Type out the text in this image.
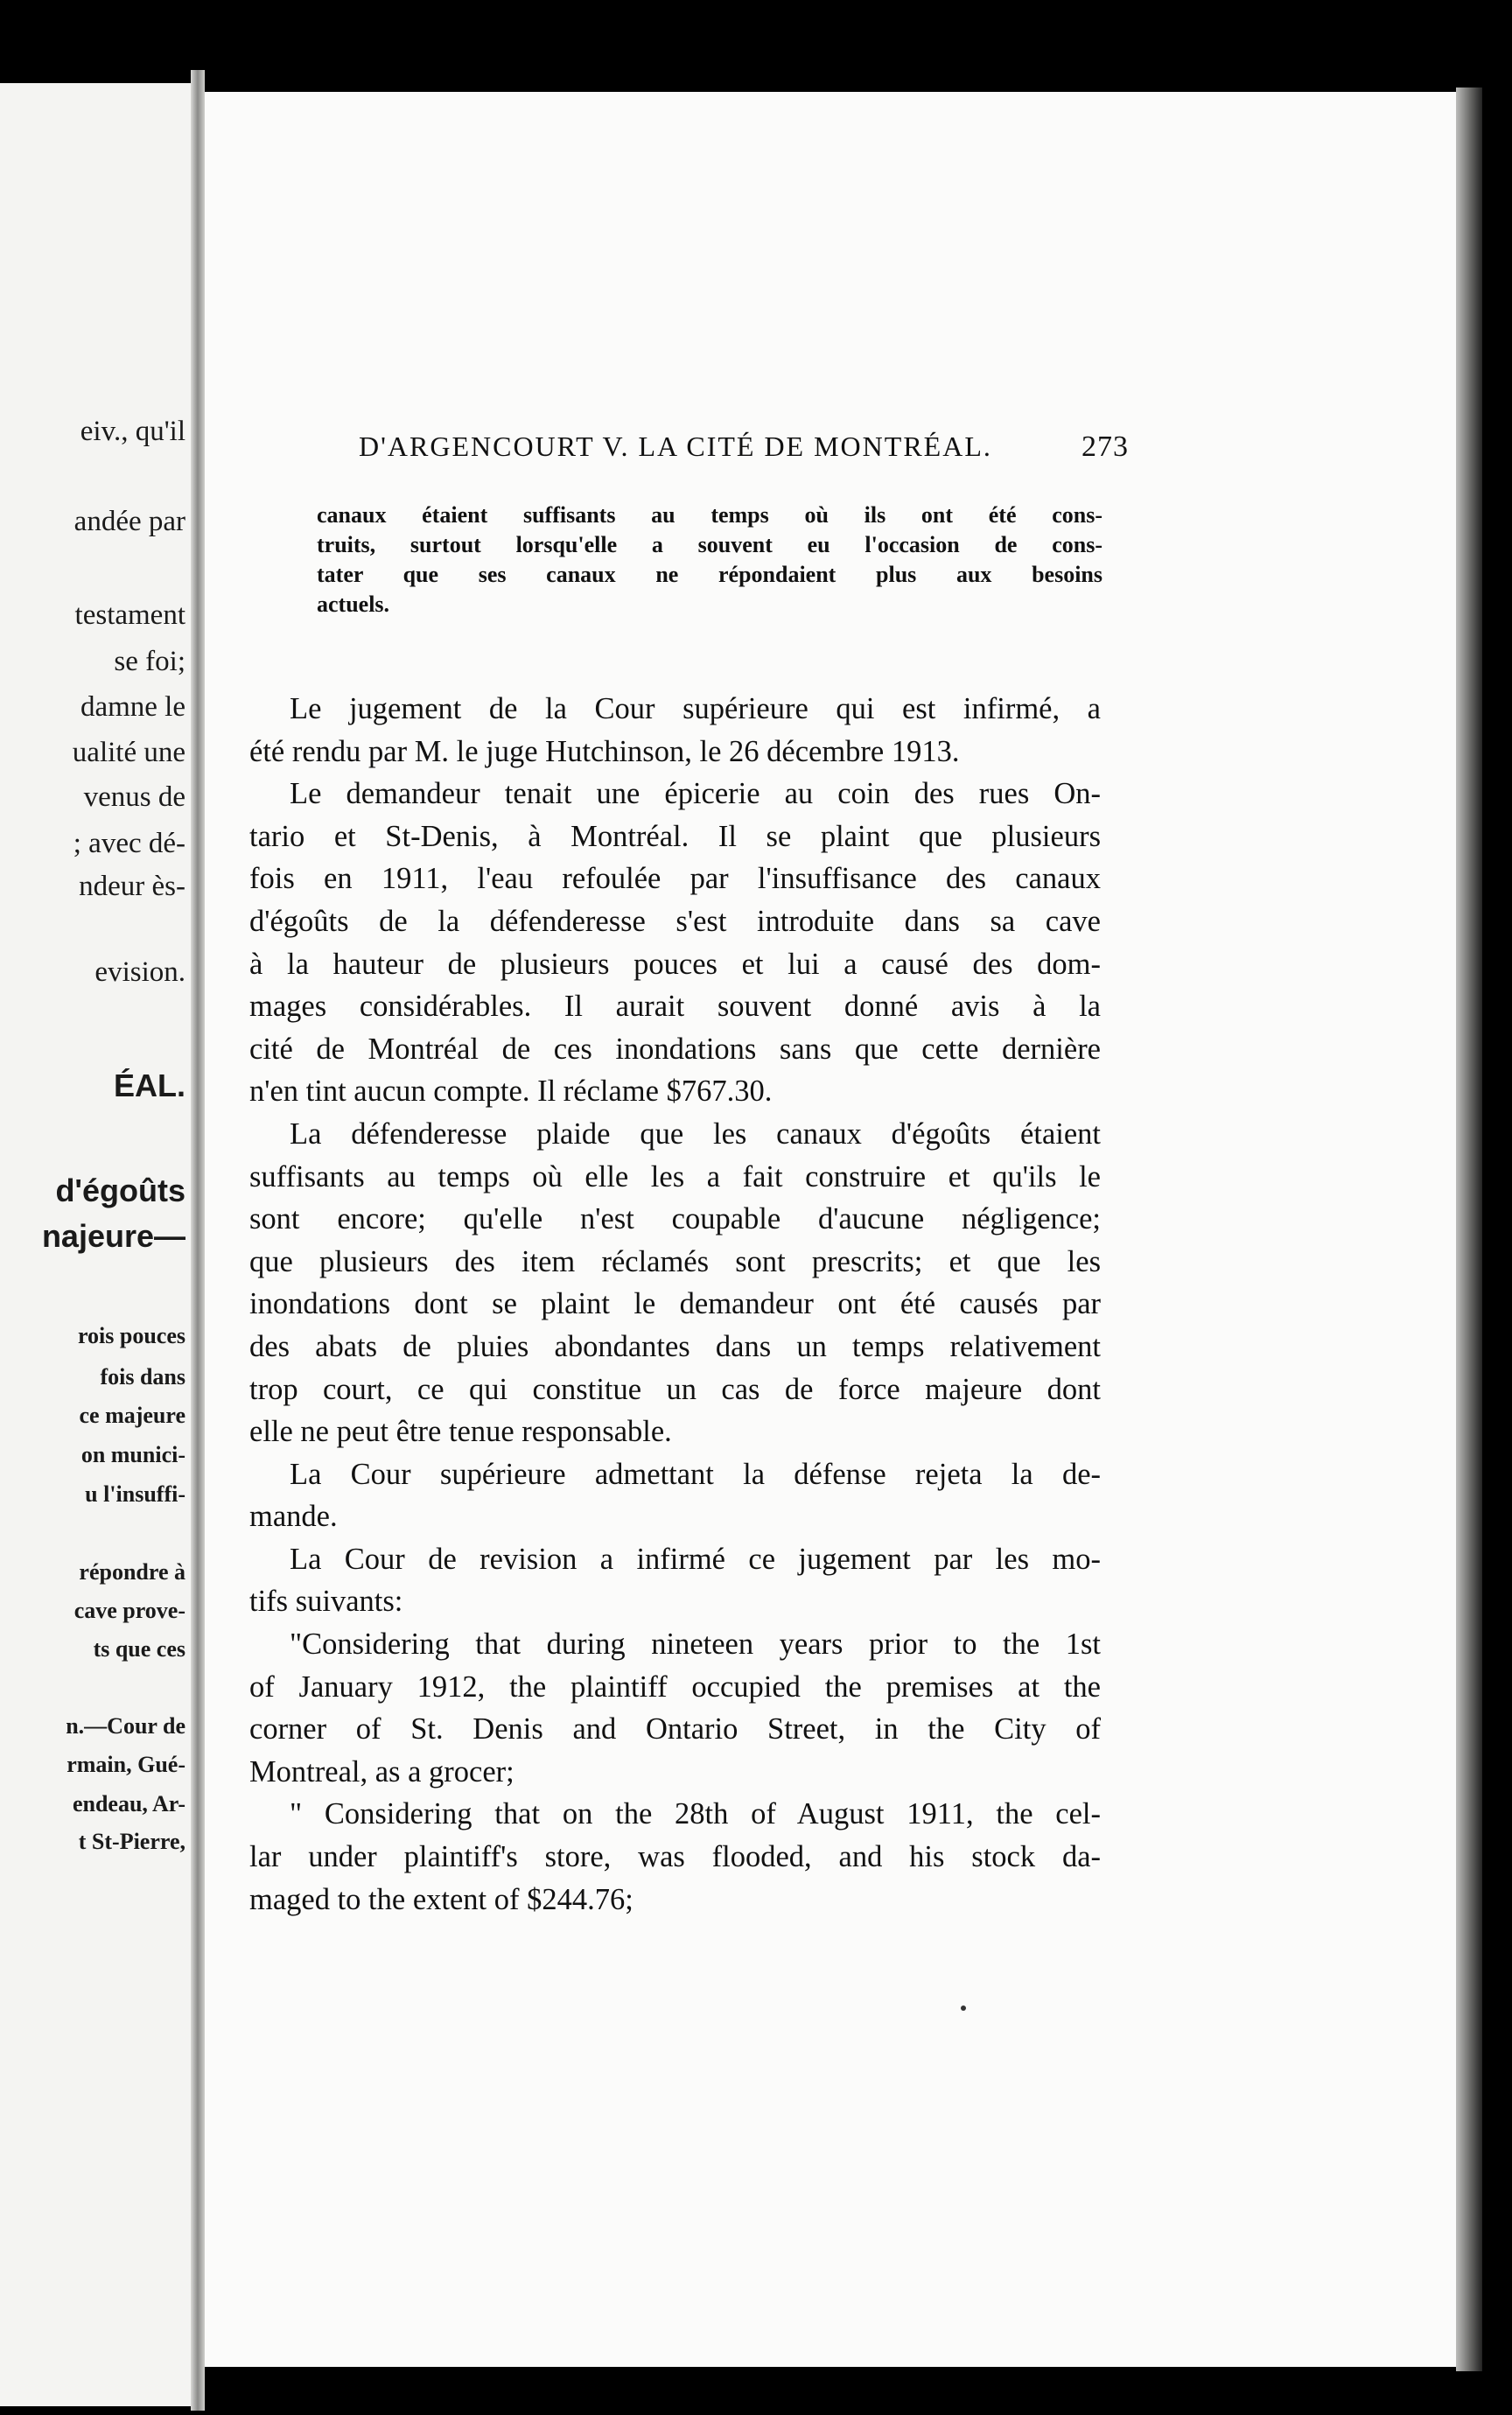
eiv., qu'il
andée par
testament
se foi;
damne le
ualité une
venus de
; avec dé-
ndeur ès-
evision.
ÉAL.
d'égoûts
najeure—
rois pouces
fois dans
ce majeure
on munici-
u l'insuffi-
répondre à
cave prove-
ts que ces
n.—Cour de
rmain, Gué-
endeau, Ar-
t St-Pierre,
D'ARGENCOURT V. LA CITÉ DE MONTRÉAL.	273
canaux étaient suffisants au temps où ils ont été cons-
truits, surtout lorsqu'elle a souvent eu l'occasion de cons-
tater que ses canaux ne répondaient plus aux besoins
actuels.
Le jugement de la Cour supérieure qui est infirmé, a
été rendu par M. le juge Hutchinson, le 26 décembre 1913.
Le demandeur tenait une épicerie au coin des rues On-
tario et St-Denis, à Montréal. Il se plaint que plusieurs
fois en 1911, l'eau refoulée par l'insuffisance des canaux
d'égoûts de la défenderesse s'est introduite dans sa cave
à la hauteur de plusieurs pouces et lui a causé des dom-
mages considérables. Il aurait souvent donné avis à la
cité de Montréal de ces inondations sans que cette dernière
n'en tint aucun compte. Il réclame $767.30.
La défenderesse plaide que les canaux d'égoûts étaient
suffisants au temps où elle les a fait construire et qu'ils le
sont encore; qu'elle n'est coupable d'aucune négligence;
que plusieurs des item réclamés sont prescrits; et que les
inondations dont se plaint le demandeur ont été causés par
des abats de pluies abondantes dans un temps relativement
trop court, ce qui constitue un cas de force majeure dont
elle ne peut être tenue responsable.
La Cour supérieure admettant la défense rejeta la de-
mande.
La Cour de revision a infirmé ce jugement par les mo-
tifs suivants:
"Considering that during nineteen years prior to the 1st
of January 1912, the plaintiff occupied the premises at the
corner of St. Denis and Ontario Street, in the City of
Montreal, as a grocer;
" Considering that on the 28th of August 1911, the cel-
lar under plaintiff's store, was flooded, and his stock da-
maged to the extent of $244.76;
